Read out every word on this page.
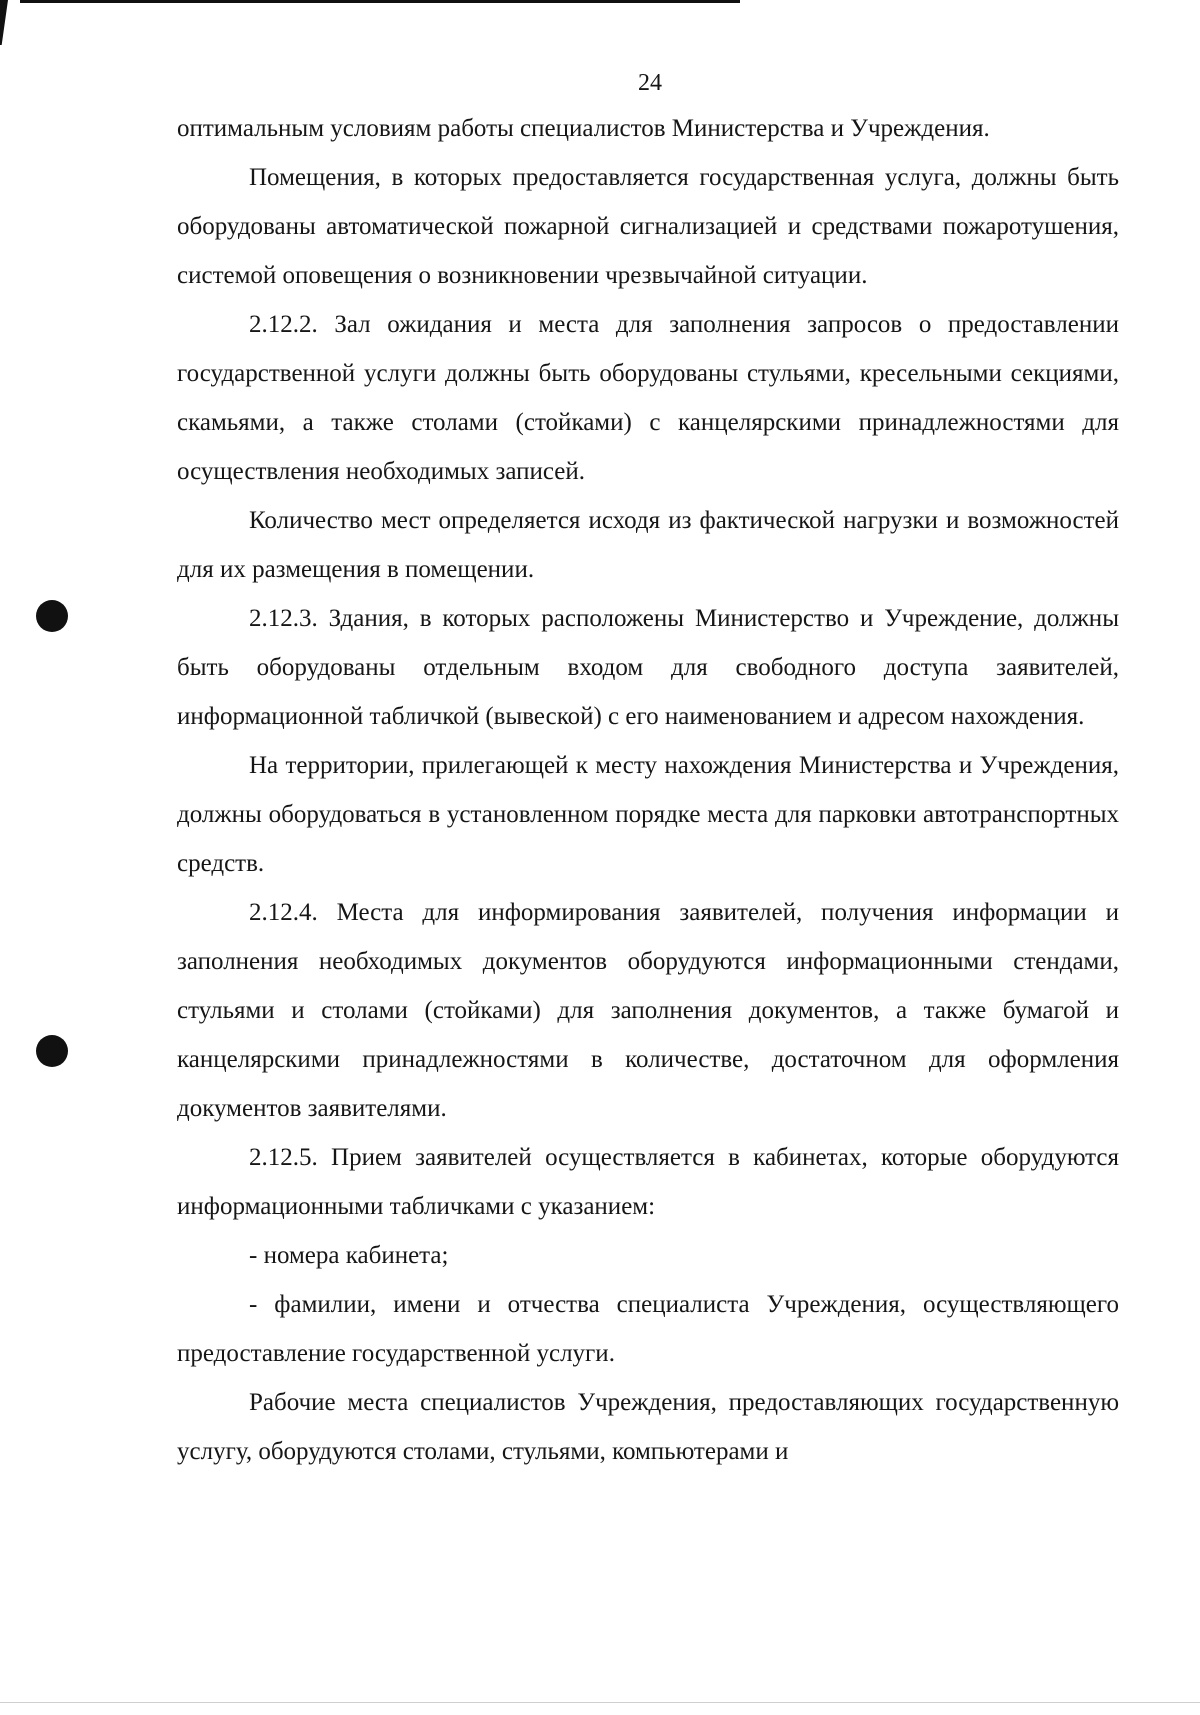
24

оптимальным условиям работы специалистов Министерства и Учреждения.

Помещения, в которых предоставляется государственная услуга, должны быть оборудованы автоматической пожарной сигнализацией и средствами пожаротушения, системой оповещения о возникновении чрезвычайной ситуации.

2.12.2. Зал ожидания и места для заполнения запросов о предоставлении государственной услуги должны быть оборудованы стульями, кресельными секциями, скамьями, а также столами (стойками) с канцелярскими принадлежностями для осуществления необходимых записей.

Количество мест определяется исходя из фактической нагрузки и возможностей для их размещения в помещении.

2.12.3. Здания, в которых расположены Министерство и Учреждение, должны быть оборудованы отдельным входом для свободного доступа заявителей, информационной табличкой (вывеской) с его наименованием и адресом нахождения.

На территории, прилегающей к месту нахождения Министерства и Учреждения, должны оборудоваться в установленном порядке места для парковки автотранспортных средств.

2.12.4. Места для информирования заявителей, получения информации и заполнения необходимых документов оборудуются информационными стендами, стульями и столами (стойками) для заполнения документов, а также бумагой и канцелярскими принадлежностями в количестве, достаточном для оформления документов заявителями.

2.12.5. Прием заявителей осуществляется в кабинетах, которые оборудуются информационными табличками с указанием:

- номера кабинета;

- фамилии, имени и отчества специалиста Учреждения, осуществляющего предоставление государственной услуги.

Рабочие места специалистов Учреждения, предоставляющих государственную услугу, оборудуются столами, стульями, компьютерами и
